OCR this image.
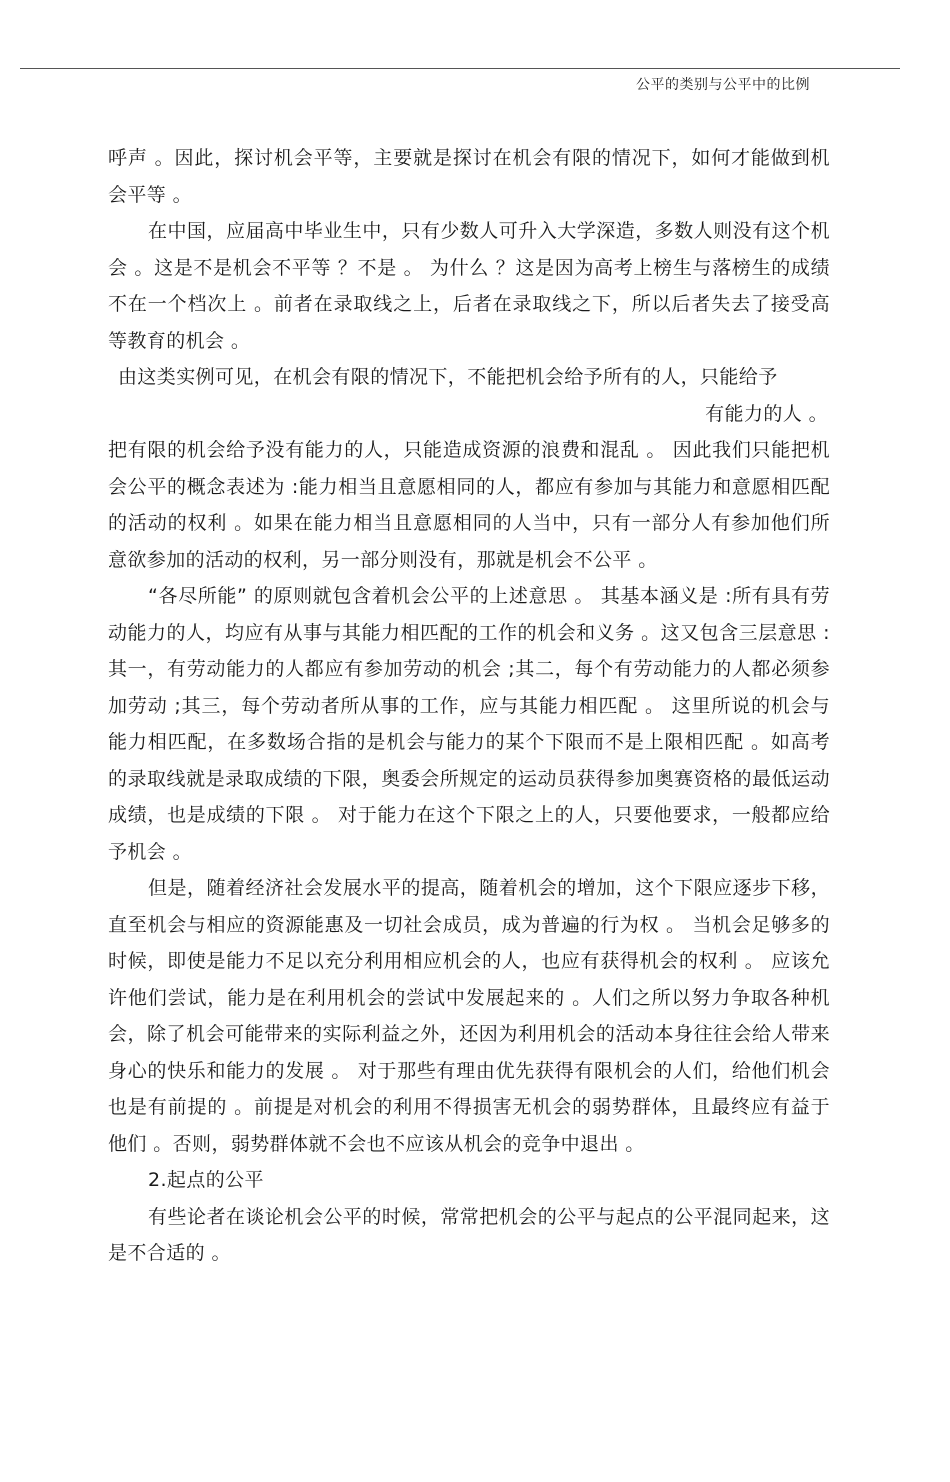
公平的类别与公平中的比例

呼声 。因此，探讨机会平等，主要就是探讨在机会有限的情况下，如何才能做到机会平等 。

在中国，应届高中毕业生中，只有少数人可升入大学深造，多数人则没有这个机会 。这是不是机会不平等 ？不是 。 为什么 ？这是因为高考上榜生与落榜生的成绩不在一个档次上 。前者在录取线之上，后者在录取线之下，所以后者失去了接受高等教育的机会 。

由这类实例可见，在机会有限的情况下，不能把机会给予所有的人，只能给予

有能力的人 。

把有限的机会给予没有能力的人，只能造成资源的浪费和混乱 。 因此我们只能把机会公平的概念表述为 :能力相当且意愿相同的人，都应有参加与其能力和意愿相匹配的活动的权利 。如果在能力相当且意愿相同的人当中，只有一部分人有参加他们所意欲参加的活动的权利，另一部分则没有，那就是机会不公平 。

“各尽所能” 的原则就包含着机会公平的上述意思 。 其基本涵义是 :所有具有劳动能力的人，均应有从事与其能力相匹配的工作的机会和义务 。这又包含三层意思 :其一，有劳动能力的人都应有参加劳动的机会 ;其二，每个有劳动能力的人都必须参加劳动 ;其三，每个劳动者所从事的工作，应与其能力相匹配 。 这里所说的机会与能力相匹配，在多数场合指的是机会与能力的某个下限而不是上限相匹配 。如高考的录取线就是录取成绩的下限，奥委会所规定的运动员获得参加奥赛资格的最低运动成绩，也是成绩的下限 。 对于能力在这个下限之上的人，只要他要求，一般都应给予机会 。

但是，随着经济社会发展水平的提高，随着机会的增加，这个下限应逐步下移，直至机会与相应的资源能惠及一切社会成员，成为普遍的行为权 。 当机会足够多的时候，即使是能力不足以充分利用相应机会的人，也应有获得机会的权利 。 应该允许他们尝试，能力是在利用机会的尝试中发展起来的 。人们之所以努力争取各种机会，除了机会可能带来的实际利益之外，还因为利用机会的活动本身往往会给人带来身心的快乐和能力的发展 。 对于那些有理由优先获得有限机会的人们，给他们机会也是有前提的 。前提是对机会的利用不得损害无机会的弱势群体，且最终应有益于他们 。否则，弱势群体就不会也不应该从机会的竞争中退出 。

2.起点的公平

有些论者在谈论机会公平的时候，常常把机会的公平与起点的公平混同起来，这是不合适的 。
